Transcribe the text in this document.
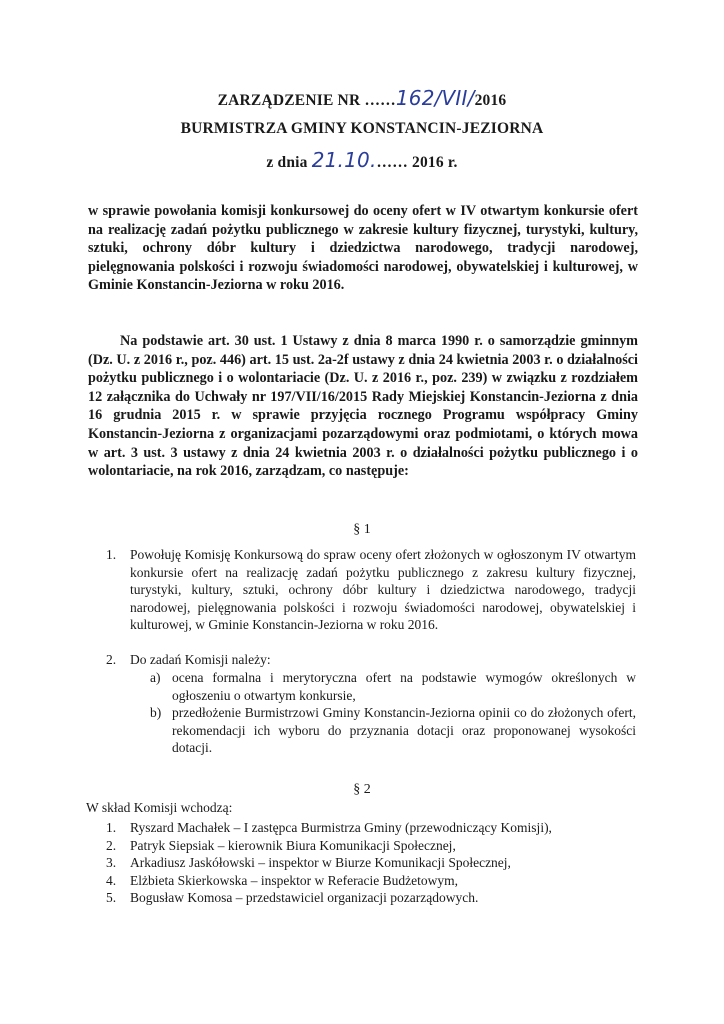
ZARZĄDZENIE NR ……162/VII/2016
BURMISTRZA GMINY KONSTANCIN-JEZIORNA
z dnia 21.10.…… 2016 r.
w sprawie powołania komisji konkursowej do oceny ofert w IV otwartym konkursie ofert na realizację zadań pożytku publicznego w zakresie kultury fizycznej, turystyki, kultury, sztuki, ochrony dóbr kultury i dziedzictwa narodowego, tradycji narodowej, pielęgnowania polskości i rozwoju świadomości narodowej, obywatelskiej i kulturowej, w Gminie Konstancin-Jeziorna w roku 2016.
Na podstawie art. 30 ust. 1 Ustawy z dnia 8 marca 1990 r. o samorządzie gminnym (Dz. U. z 2016 r., poz. 446) art. 15 ust. 2a-2f ustawy z dnia 24 kwietnia 2003 r. o działalności pożytku publicznego i o wolontariacie (Dz. U. z 2016 r., poz. 239) w związku z rozdziałem 12 załącznika do Uchwały nr 197/VII/16/2015 Rady Miejskiej Konstancin-Jeziorna z dnia 16 grudnia 2015 r. w sprawie przyjęcia rocznego Programu współpracy Gminy Konstancin-Jeziorna z organizacjami pozarządowymi oraz podmiotami, o których mowa w art. 3 ust. 3 ustawy z dnia 24 kwietnia 2003 r. o działalności pożytku publicznego i o wolontariacie, na rok 2016, zarządzam, co następuje:
§ 1
1. Powołuję Komisję Konkursową do spraw oceny ofert złożonych w ogłoszonym IV otwartym konkursie ofert na realizację zadań pożytku publicznego z zakresu kultury fizycznej, turystyki, kultury, sztuki, ochrony dóbr kultury i dziedzictwa narodowego, tradycji narodowej, pielęgnowania polskości i rozwoju świadomości narodowej, obywatelskiej i kulturowej, w Gminie Konstancin-Jeziorna w roku 2016.
2. Do zadań Komisji należy:
a) ocena formalna i merytoryczna ofert na podstawie wymogów określonych w ogłoszeniu o otwartym konkursie,
b) przedłożenie Burmistrzowi Gminy Konstancin-Jeziorna opinii co do złożonych ofert, rekomendacji ich wyboru do przyznania dotacji oraz proponowanej wysokości dotacji.
§ 2
W skład Komisji wchodzą:
1. Ryszard Machałek – I zastępca Burmistrza Gminy (przewodniczący Komisji),
2. Patryk Siepsiak – kierownik Biura Komunikacji Społecznej,
3. Arkadiusz Jaskółowski – inspektor w Biurze Komunikacji Społecznej,
4. Elżbieta Skierkowska – inspektor w Referacie Budżetowym,
5. Bogusław Komosa – przedstawiciel organizacji pozarządowych.
